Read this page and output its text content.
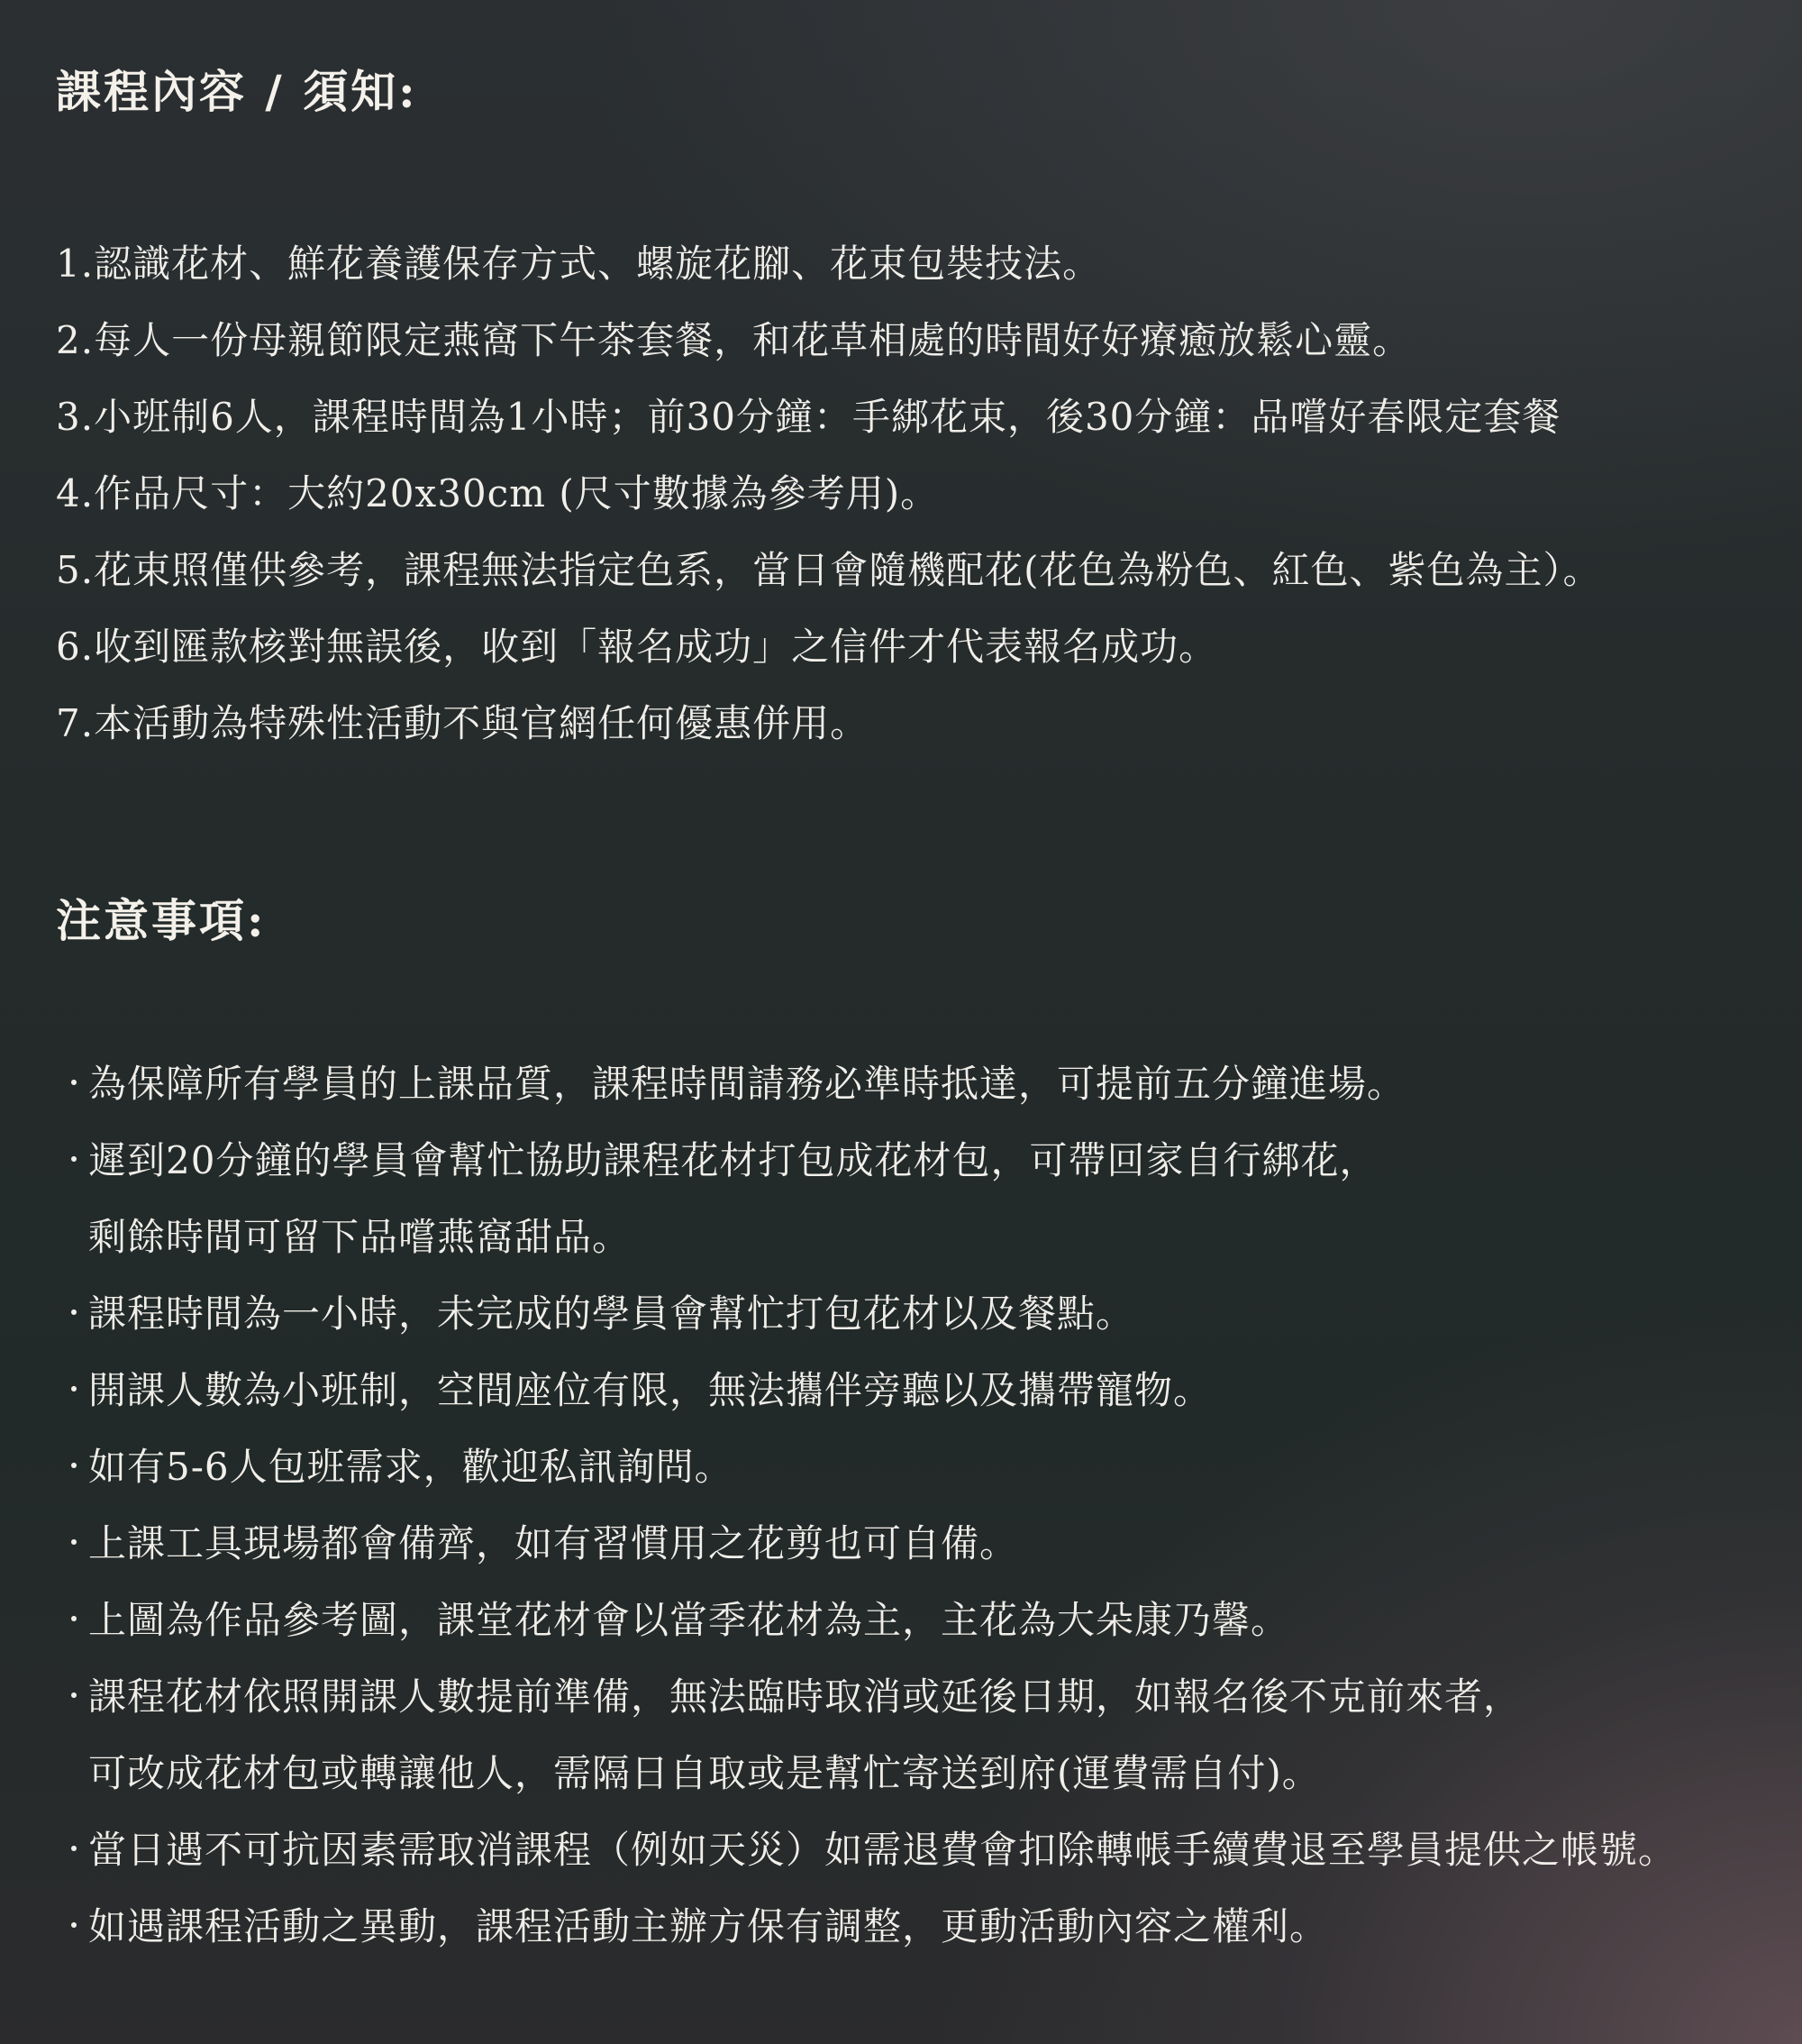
課程內容 / 須知:
1.認識花材、鮮花養護保存方式、螺旋花腳、花束包裝技法。
2.每人一份母親節限定燕窩下午茶套餐，和花草相處的時間好好療癒放鬆心靈。
3.小班制6人，課程時間為1小時；前30分鐘：手綁花束，後30分鐘：品嚐好春限定套餐
4.作品尺寸：大約20x30cm (尺寸數據為參考用)。
5.花束照僅供參考，課程無法指定色系，當日會隨機配花(花色為粉色、紅色、紫色為主）。
6.收到匯款核對無誤後，收到「報名成功」之信件才代表報名成功。
7.本活動為特殊性活動不與官網任何優惠併用。
注意事項:
・
為保障所有學員的上課品質，課程時間請務必準時抵達，可提前五分鐘進場。
・
遲到20分鐘的學員會幫忙協助課程花材打包成花材包，可帶回家自行綁花，
剩餘時間可留下品嚐燕窩甜品。
・
課程時間為一小時，未完成的學員會幫忙打包花材以及餐點。
・
開課人數為小班制，空間座位有限，無法攜伴旁聽以及攜帶寵物。
・
如有5-6人包班需求，歡迎私訊詢問。
・
上課工具現場都會備齊，如有習慣用之花剪也可自備。
・
上圖為作品參考圖，課堂花材會以當季花材為主，主花為大朵康乃馨。
・
課程花材依照開課人數提前準備，無法臨時取消或延後日期，如報名後不克前來者，
可改成花材包或轉讓他人，需隔日自取或是幫忙寄送到府(運費需自付)。
・
當日遇不可抗因素需取消課程（例如天災）如需退費會扣除轉帳手續費退至學員提供之帳號。
・
如遇課程活動之異動，課程活動主辦方保有調整，更動活動內容之權利。
